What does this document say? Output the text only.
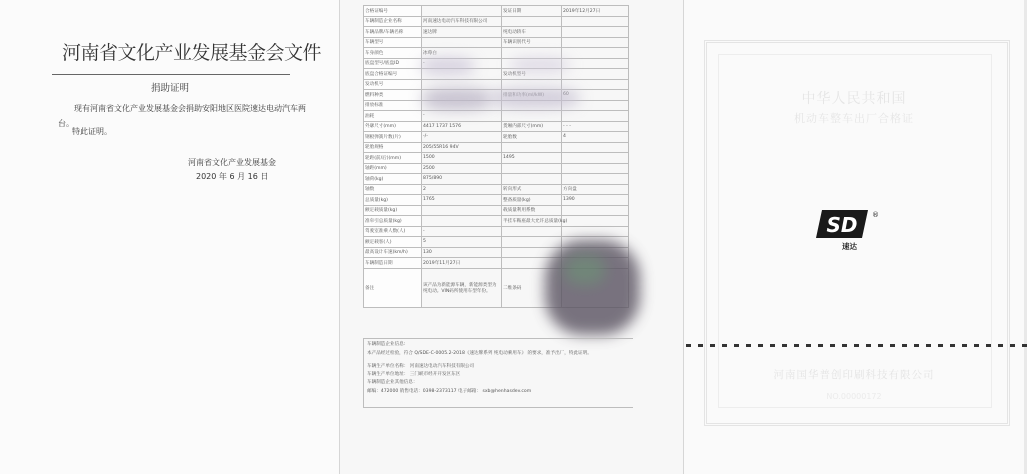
河南省文化产业发展基金会文件
捐助证明
现有河南省文化产业发展基金会捐助安阳地区医院速达电动汽车两台。
特此证明。
河南省文化产业发展基金
2020 年 6 月 16 日
合格证编号		发证日期	2019年12月27日
车辆制造企业名称	河南速达电动汽车科技有限公司		
车辆品牌/车辆名称	速达牌	纯电动轿车	
车辆型号		车辆识别代号	
车身颜色	冰莓白		
底盘型号/底盘ID			
底盘合格证编号		发动机型号	
发动机号			
燃料种类			
排放标准			
油耗	-		
外廓尺寸(mm)	4417 1737 1576	货厢内部尺寸(mm)	- - -
钢板弹簧片数(片)	-/-	轮胎数	4
轮胎规格	205/55R16 94V		
轮距(前/后)(mm)	1500	1495	
轴距(mm)	2500		
轴荷(kg)	875/890		
轴数	2	转向形式	方向盘
总质量(kg)	1765	整备质量(kg)	1390
额定载质量(kg)		载质量利用系数	
准牵引总质量(kg)		半挂车鞍座最大允许总质量(kg)	
驾驶室准乘人数(人)	-		
额定载客(人)	5		
最高设计车速(km/h)	130		
车辆制造日期	2019年11月27日		
备注	该产品为新能源车辆，新能源类型为纯电动。VIN码所使用车型年份。	二维条码	
车辆制造企业信息:
本产品经过检验，符合 Q/SDE-C-0005.2-2018《速达牌系列 纯电动乘用车》 的要求，准予出厂，特此证明。
车辆生产单位名称： 河南速达电动汽车科技有限公司
车辆生产单位地址： 三门峡市经开开发区东区
车辆制造企业其他信息：
邮编：472000 销售电话：0398-2373117 电子邮箱： sxb@henhasdev.com
中华人民共和国
机动车整车出厂合格证
SD ®
速达
河南国华普创印刷科技有限公司
NO.00000172
